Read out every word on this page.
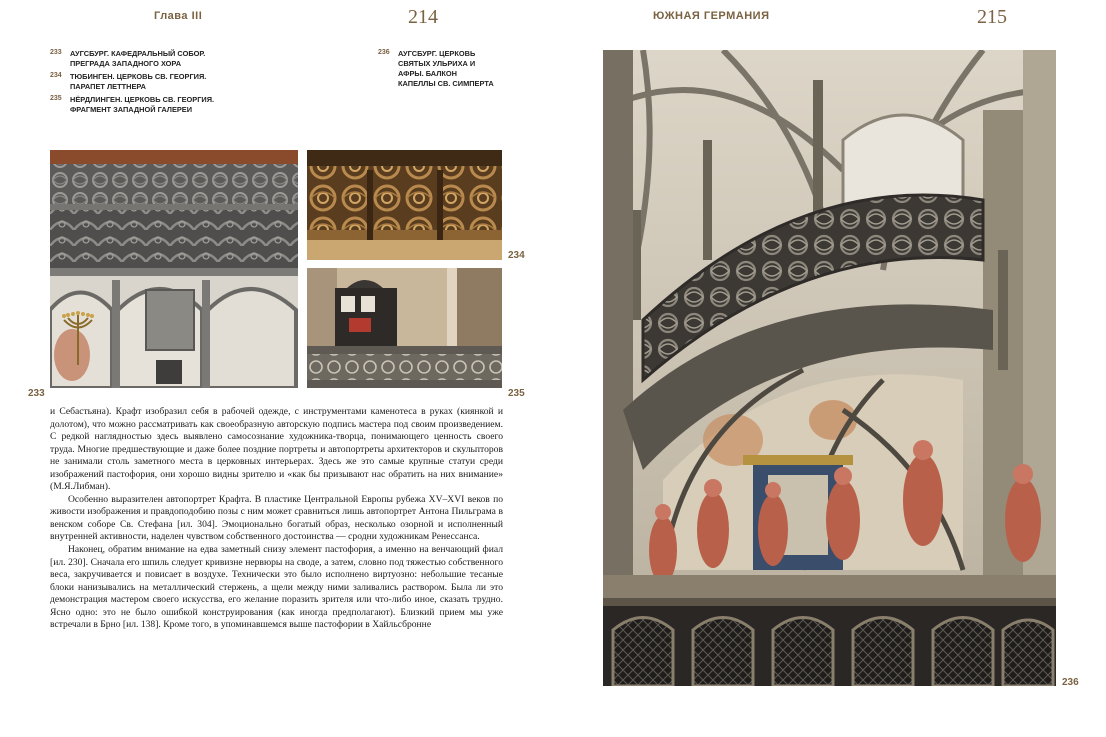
Глава III	214
233 АУГСБУРГ. КАФЕДРАЛЬНЫЙ СОБОР. ПРЕГРАДА ЗАПАДНОГО ХОРА
234 ТЮБИНГЕН. ЦЕРКОВЬ СВ. ГЕОРГИЯ. ПАРАПЕТ ЛЕТТНЕРА
235 НЁРДЛИНГЕН. ЦЕРКОВЬ СВ. ГЕОРГИЯ. ФРАГМЕНТ ЗАПАДНОЙ ГАЛЕРЕИ
236 АУГСБУРГ. ЦЕРКОВЬ СВЯТЫХ УЛЬРИХА И АФРЫ. БАЛКОН КАПЕЛЛЫ СВ. СИМПЕРТА
233
234
235

и Себастьяна). Крафт изобразил себя в рабочей одежде, с инструментами каменотеса в руках (киянкой и долотом), что можно рассматривать как своеобразную авторскую подпись мастера под своим произведением. С редкой наглядностью здесь выявлено самосознание художника-творца, понимающего ценность своего труда. Многие предшествующие и даже более поздние портреты и автопортреты архитекторов и скульпторов не занимали столь заметного места в церковных интерьерах. Здесь же это самые крупные статуи среди изображений пастофория, они хорошо видны зрителю и «как бы призывают нас обратить на них внимание» (М.Я.Либман).

Особенно выразителен автопортрет Крафта. В пластике Центральной Европы рубежа XV–XVI веков по живости изображения и правдоподобию позы с ним может сравниться лишь автопортрет Антона Пильграма в венском соборе Св. Стефана [ил. 304]. Эмоционально богатый образ, несколько озорной и исполненный внутренней активности, наделен чувством собственного достоинства — сродни художникам Ренессанса.

Наконец, обратим внимание на едва заметный снизу элемент пастофория, а именно на венчающий фиал [ил. 230]. Сначала его шпиль следует кривизне нервюры на своде, а затем, словно под тяжестью собственного веса, закручивается и повисает в воздухе. Технически это было исполнено виртуозно: небольшие тесаные блоки нанизывались на металлический стержень, а щели между ними заливались раствором. Была ли это демонстрация мастером своего искусства, его желание поразить зрителя или что-либо иное, сказать трудно. Ясно одно: это не было ошибкой конструирования (как иногда предполагают). Близкий прием мы уже встречали в Брно [ил. 138]. Кроме того, в упоминавшемся выше пастофории в Хайльсбронне

ЮЖНАЯ ГЕРМАНИЯ	215
236
